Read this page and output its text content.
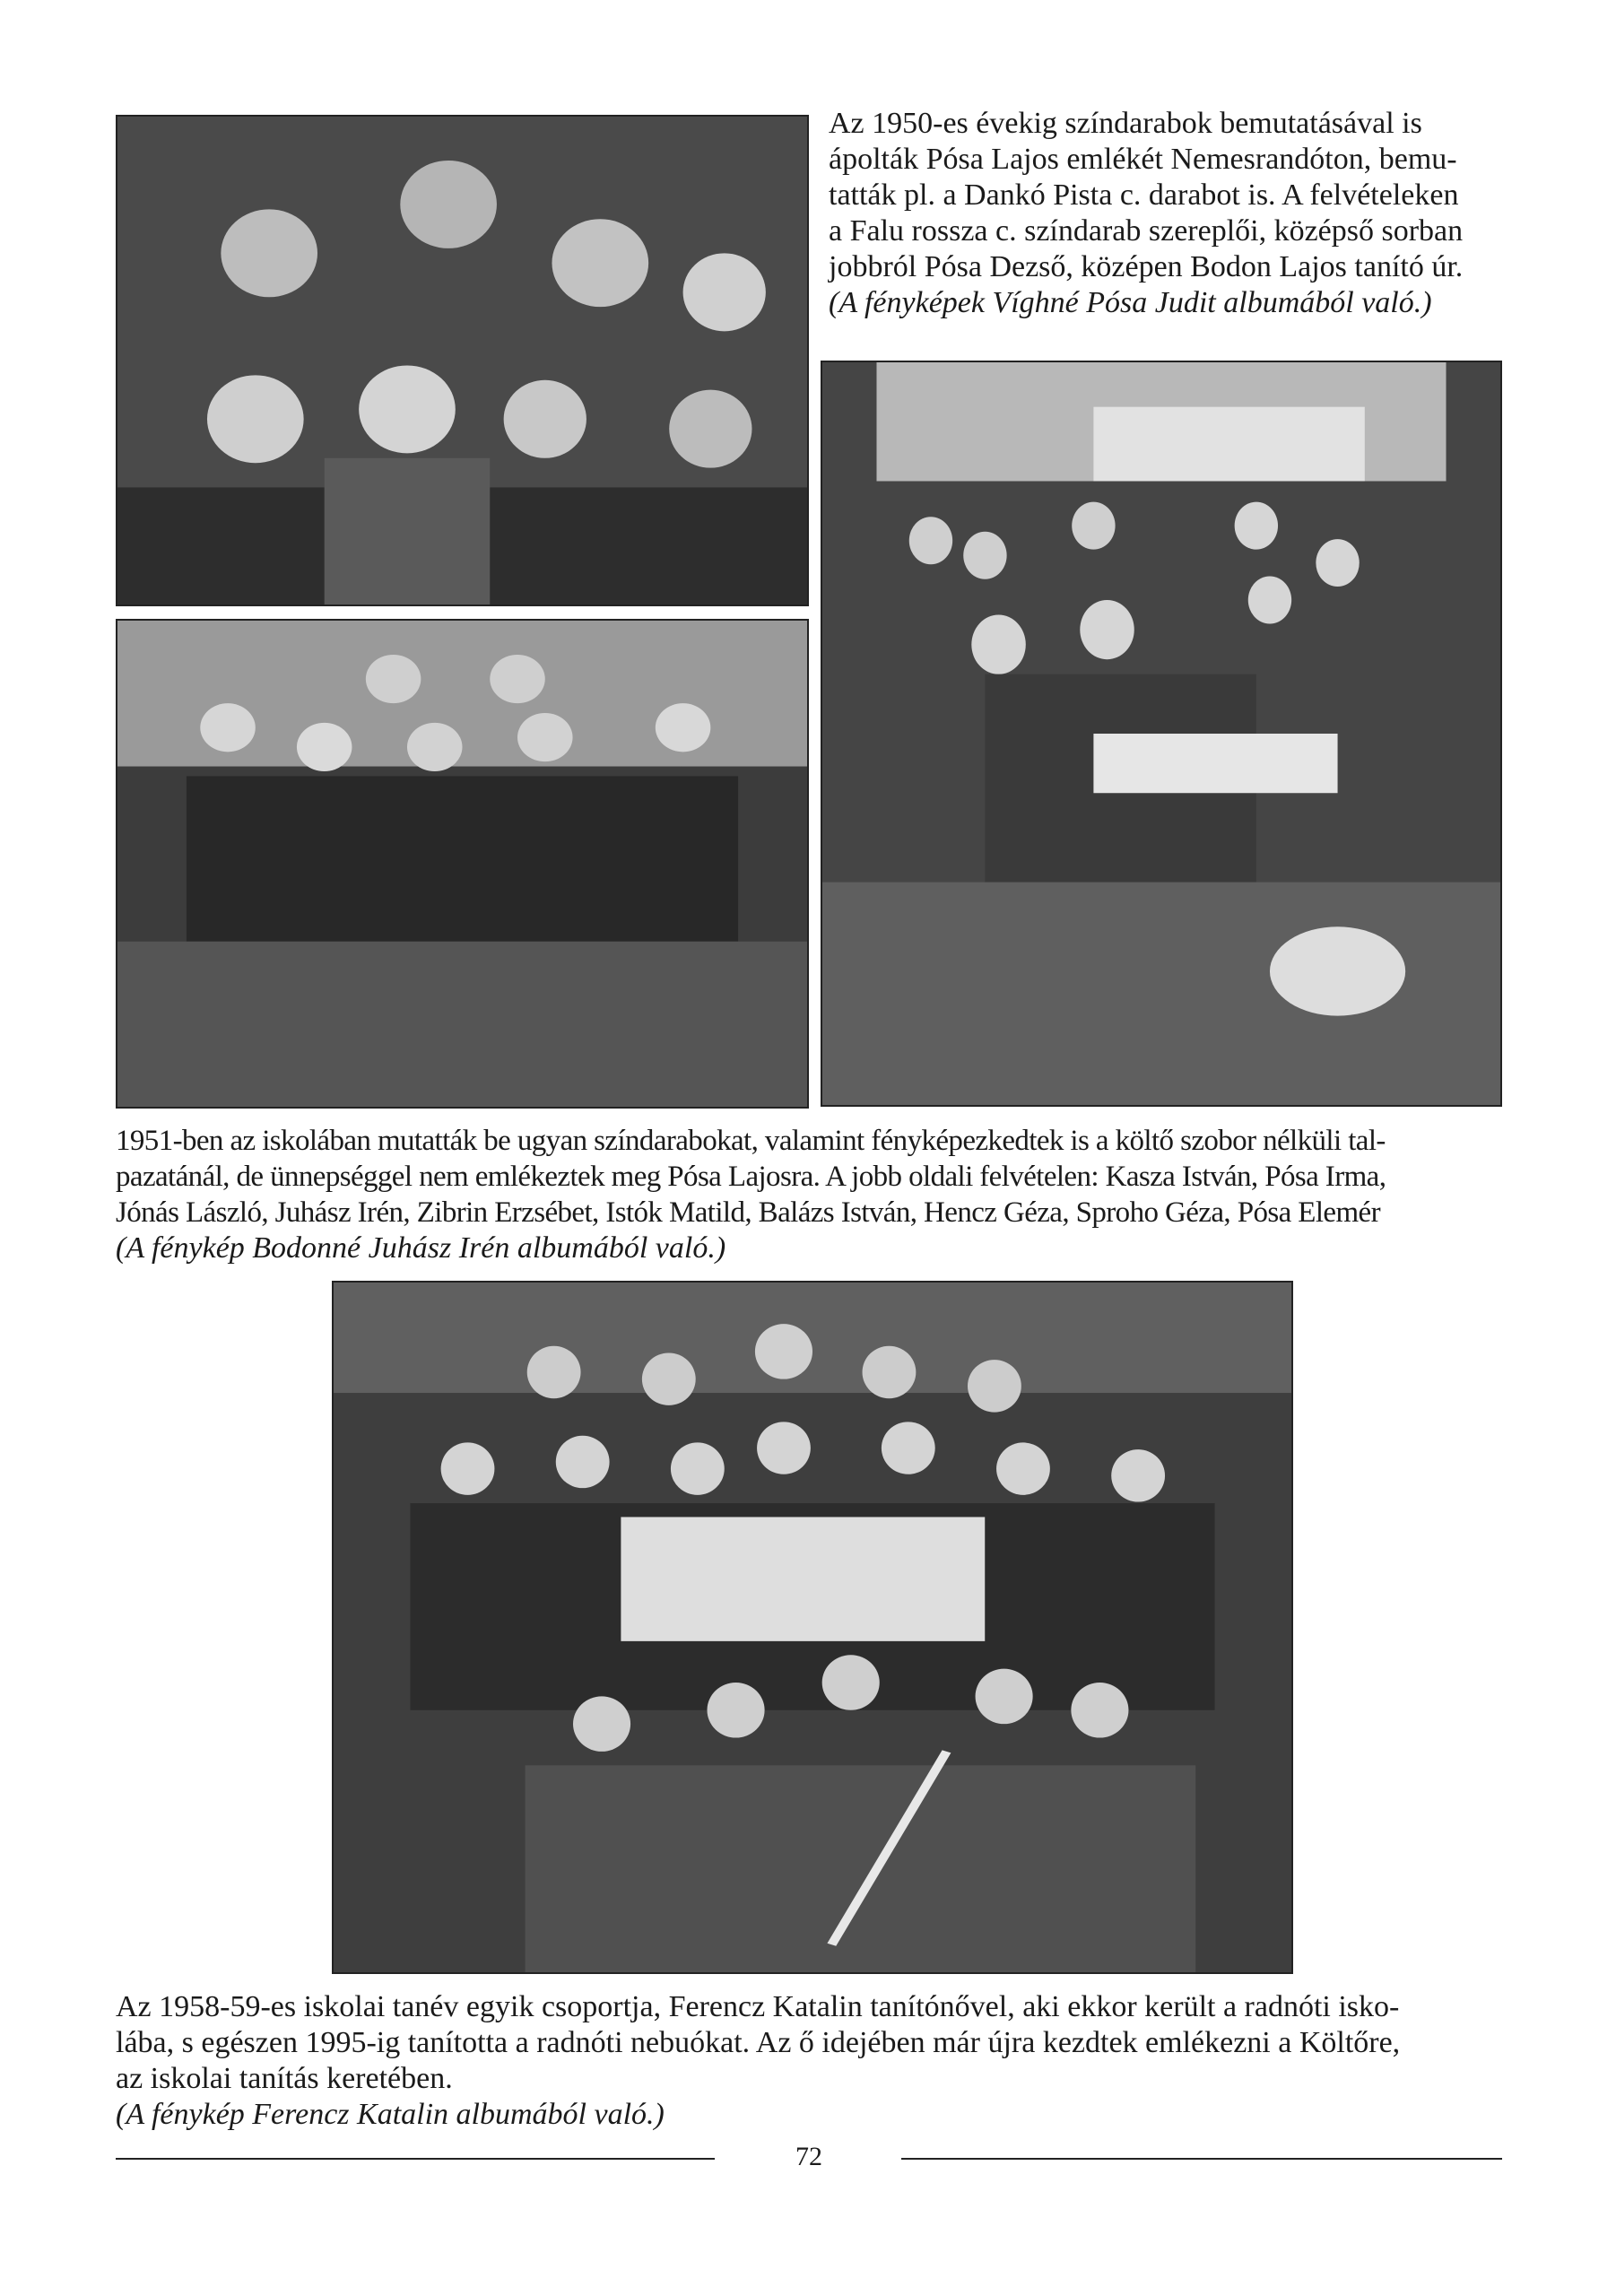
Az 1950-es évekig színdarabok bemutatásával is

ápolták Pósa Lajos emlékét Nemesrandóton, bemu-

tatták pl. a Dankó Pista c. darabot is. A felvételeken

a Falu rossza c. színdarab szereplői, középső sorban

jobbról Pósa Dezső, középen Bodon Lajos tanító úr.

(A fényképek Víghné Pósa Judit albumából való.)

1951-ben az iskolában mutatták be ugyan színdarabokat, valamint fényképezkedtek is a költő szobor nélküli tal-

pazatánál, de ünnepséggel nem emlékeztek meg Pósa Lajosra. A jobb oldali felvételen: Kasza István, Pósa Irma,

Jónás László, Juhász Irén, Zibrin Erzsébet, Istók Matild, Balázs István, Hencz Géza, Sproho Géza, Pósa Elemér

(A fénykép Bodonné Juhász Irén albumából való.)

Az 1958-59-es iskolai tanév egyik csoportja, Ferencz Katalin tanítónővel, aki ekkor került a radnóti isko-

lába, s egészen 1995-ig tanította a radnóti nebuókat. Az ő idejében már újra kezdtek emlékezni a Költőre,

az iskolai tanítás keretében.

(A fénykép Ferencz Katalin albumából való.)

72
